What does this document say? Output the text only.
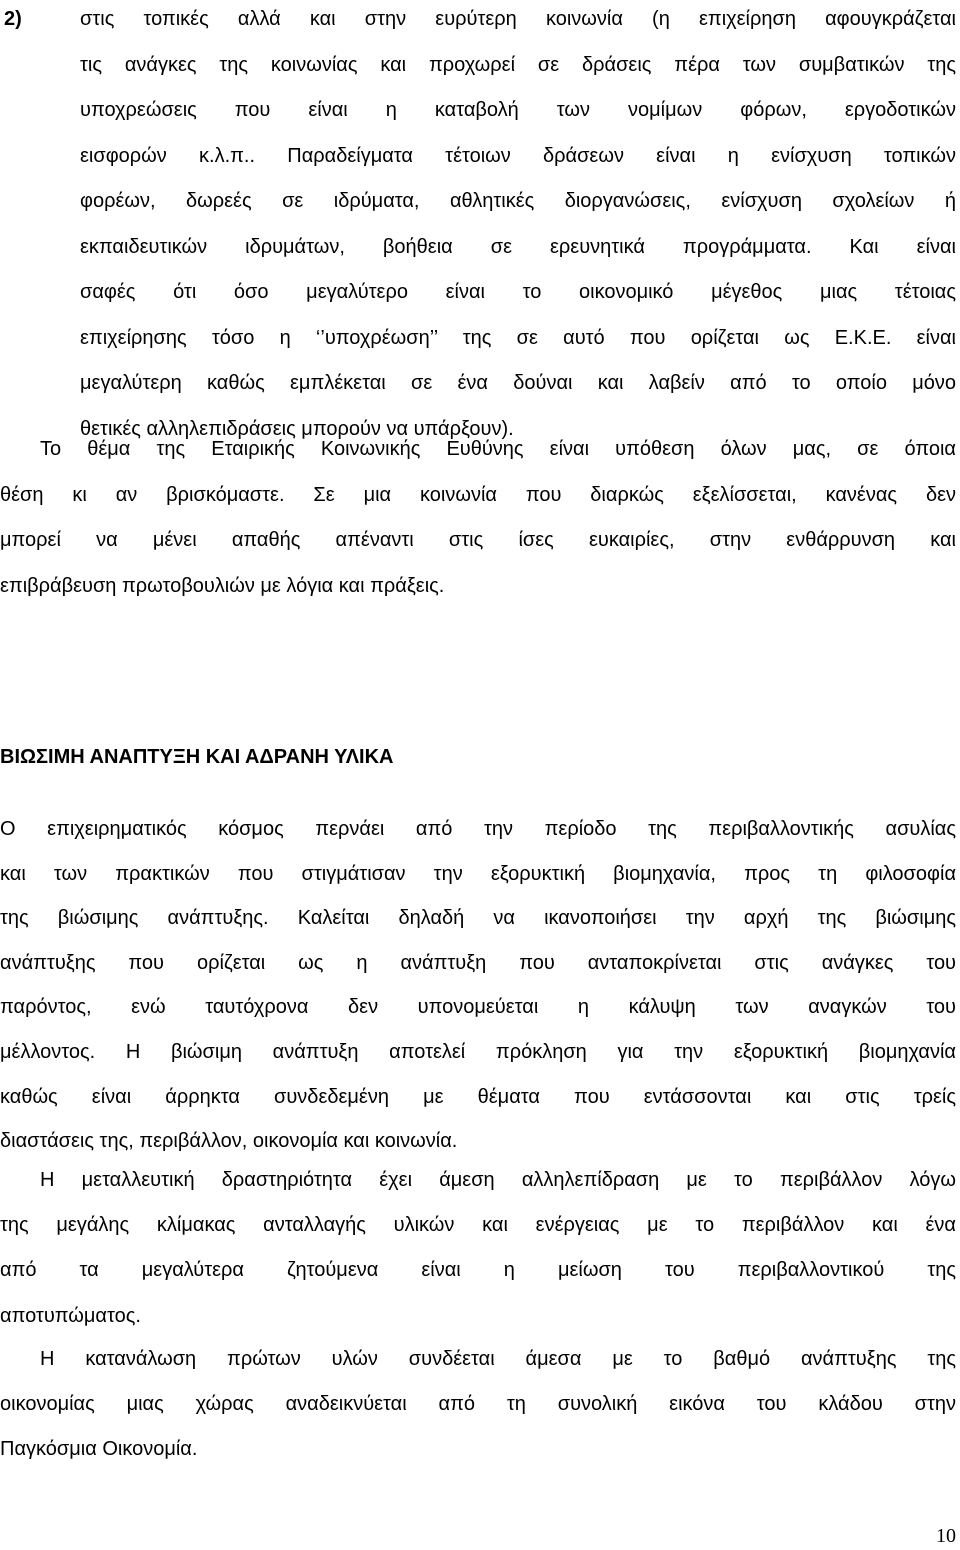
2)	στις τοπικές αλλά και στην ευρύτερη κοινωνία (η επιχείρηση αφουγκράζεται
τις ανάγκες της κοινωνίας και προχωρεί σε δράσεις πέρα των συμβατικών της
υποχρεώσεις που είναι η καταβολή των νομίμων φόρων, εργοδοτικών
εισφορών κ.λ.π.. Παραδείγματα τέτοιων δράσεων είναι η ενίσχυση τοπικών
φορέων, δωρεές σε ιδρύματα, αθλητικές διοργανώσεις, ενίσχυση σχολείων ή
εκπαιδευτικών ιδρυμάτων, βοήθεια σε ερευνητικά προγράμματα. Και είναι
σαφές ότι όσο μεγαλύτερο είναι το οικονομικό μέγεθος μιας τέτοιας
επιχείρησης τόσο η ‘’υποχρέωση’’ της σε αυτό που ορίζεται ως Ε.Κ.Ε. είναι
μεγαλύτερη καθώς εμπλέκεται σε ένα δούναι και λαβείν από το οποίο μόνο
θετικές αλληλεπιδράσεις μπορούν να υπάρξουν).
Το θέμα της Εταιρικής Κοινωνικής Ευθύνης είναι υπόθεση όλων μας, σε όποια
θέση κι αν βρισκόμαστε. Σε μια κοινωνία που διαρκώς εξελίσσεται, κανένας δεν
μπορεί να μένει απαθής απέναντι στις ίσες ευκαιρίες, στην ενθάρρυνση και
επιβράβευση πρωτοβουλιών με λόγια και πράξεις.
ΒΙΩΣΙΜΗ ΑΝΑΠΤΥΞΗ ΚΑΙ ΑΔΡΑΝΗ ΥΛΙΚΑ
Ο επιχειρηματικός κόσμος περνάει από την περίοδο της περιβαλλοντικής ασυλίας
και των πρακτικών που στιγμάτισαν την εξορυκτική βιομηχανία, προς τη φιλοσοφία
της βιώσιμης ανάπτυξης. Καλείται δηλαδή να ικανοποιήσει την αρχή της βιώσιμης
ανάπτυξης που ορίζεται ως η ανάπτυξη που ανταποκρίνεται στις ανάγκες του
παρόντος, ενώ ταυτόχρονα δεν υπονομεύεται η κάλυψη των αναγκών του
μέλλοντος. Η βιώσιμη ανάπτυξη αποτελεί πρόκληση για την εξορυκτική βιομηχανία
καθώς είναι άρρηκτα συνδεδεμένη με θέματα που εντάσσονται και στις τρείς
διαστάσεις της, περιβάλλον, οικονομία και κοινωνία.
Η μεταλλευτική δραστηριότητα έχει άμεση αλληλεπίδραση με το περιβάλλον λόγω
της μεγάλης κλίμακας ανταλλαγής υλικών και ενέργειας με το περιβάλλον και ένα
από τα μεγαλύτερα ζητούμενα είναι η μείωση του περιβαλλοντικού της
αποτυπώματος.
Η κατανάλωση πρώτων υλών συνδέεται άμεσα με το βαθμό ανάπτυξης της
οικονομίας μιας χώρας αναδεικνύεται από τη συνολική εικόνα του κλάδου στην
Παγκόσμια Οικονομία.
10
